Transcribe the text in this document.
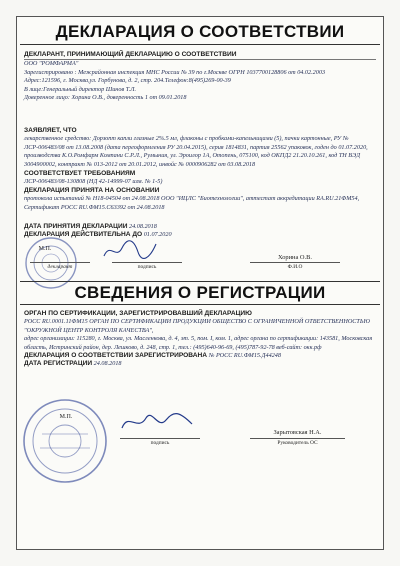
ДЕКЛАРАЦИЯ О СООТВЕТСТВИИ
ДЕКЛАРАНТ, ПРИНИМАЮЩИЙ ДЕКЛАРАЦИЮ О СООТВЕТСТВИИ
ООО "РОМФАРМА"
Зарегистрировано : Межрайонная инспекция МНС России № 39 по г.Москве ОГРН 1037700128806 от 04.02.2003
Адрес:121596, г. Москва,ул. Горбунова, д. 2, стр. 204.Телефон:8(495)269-00-39
В лице:Генеральный директор Шинов Т.Л.
Доверенное лицо: Хорина О.В., доверенность 1 от 09.01.2018
ЗАЯВЛЯЕТ, ЧТО
лекарственное средство: Дорзопт капли глазные 2%.5 мл, флаконы с пробками-капельницами (5), пачки картонные, РУ № ЛСР-006483/08 от 13.08.2008 (дата переоформления РУ 20.04.2015), серия 1814831, партия 25562 упаковок, годен до 01.07.2020, производства К.О.Ромфарм Компани С.Р.Л., Румыния, ул. Эроилор 1А, Отопень, 075100, код ОКПД2 21.20.10.261, код ТН ВЭД 3004900002, контракт № 013-2012 от 20.01.2012, инвойс № 0000906282 от 03.08.2018
СООТВЕТСТВУЕТ ТРЕБОВАНИЯМ
ЛСР-006483/08-130808 (НД 42-14999-07 изм. № 1-5)
ДЕКЛАРАЦИЯ ПРИНЯТА НА ОСНОВАНИИ
протокола испытаний № Н18-04504 от 24.08.2018 ООО "ИЦЛС "Биотехнологии", аттестат аккредитации RA.RU.21ФМ54, Сертификат РОСС RU.ФМ15.C63392 от 24.08.2018
ДАТА ПРИНЯТИЯ ДЕКЛАРАЦИИ 24.08.2018
ДЕКЛАРАЦИЯ ДЕЙСТВИТЕЛЬНА ДО 01.07.2020
М.П.
декларант	подпись
Хорина О.В.
Ф.И.О
СВЕДЕНИЯ О РЕГИСТРАЦИИ
ОРГАН ПО СЕРТИФИКАЦИИ, ЗАРЕГИСТРИРОВАВШИЙ ДЕКЛАРАЦИЮ
РОСС RU.0001.11ФМ15 ОРГАН ПО СЕРТИФИКАЦИИ ПРОДУКЦИИ ОБЩЕСТВО С ОГРАНИЧЕННОЙ ОТВЕТСТВЕННОСТЬЮ "ОКРУЖНОЙ ЦЕНТР КОНТРОЛЯ КАЧЕСТВА",
адрес организации: 115280, г. Москва, ул. Масленкова, д. 4, эт. 5, пом. I, ком. 1, адрес органа по сертификации: 143581, Московская область, Истринский район, дер. Лешково, д. 248, стр. 1, тел.: (495)640-96-69, (495)787-92-78 веб-сайт: окк.рф
ДЕКЛАРАЦИЯ О СООТВЕТСТВИИ ЗАРЕГИСТРИРОВАНА № РОСС RU.ФМ15.Д44248
ДАТА РЕГИСТРАЦИИ 24.08.2018
М.П.
подпись
Зарытовская Н.А.
Руководитель ОС
